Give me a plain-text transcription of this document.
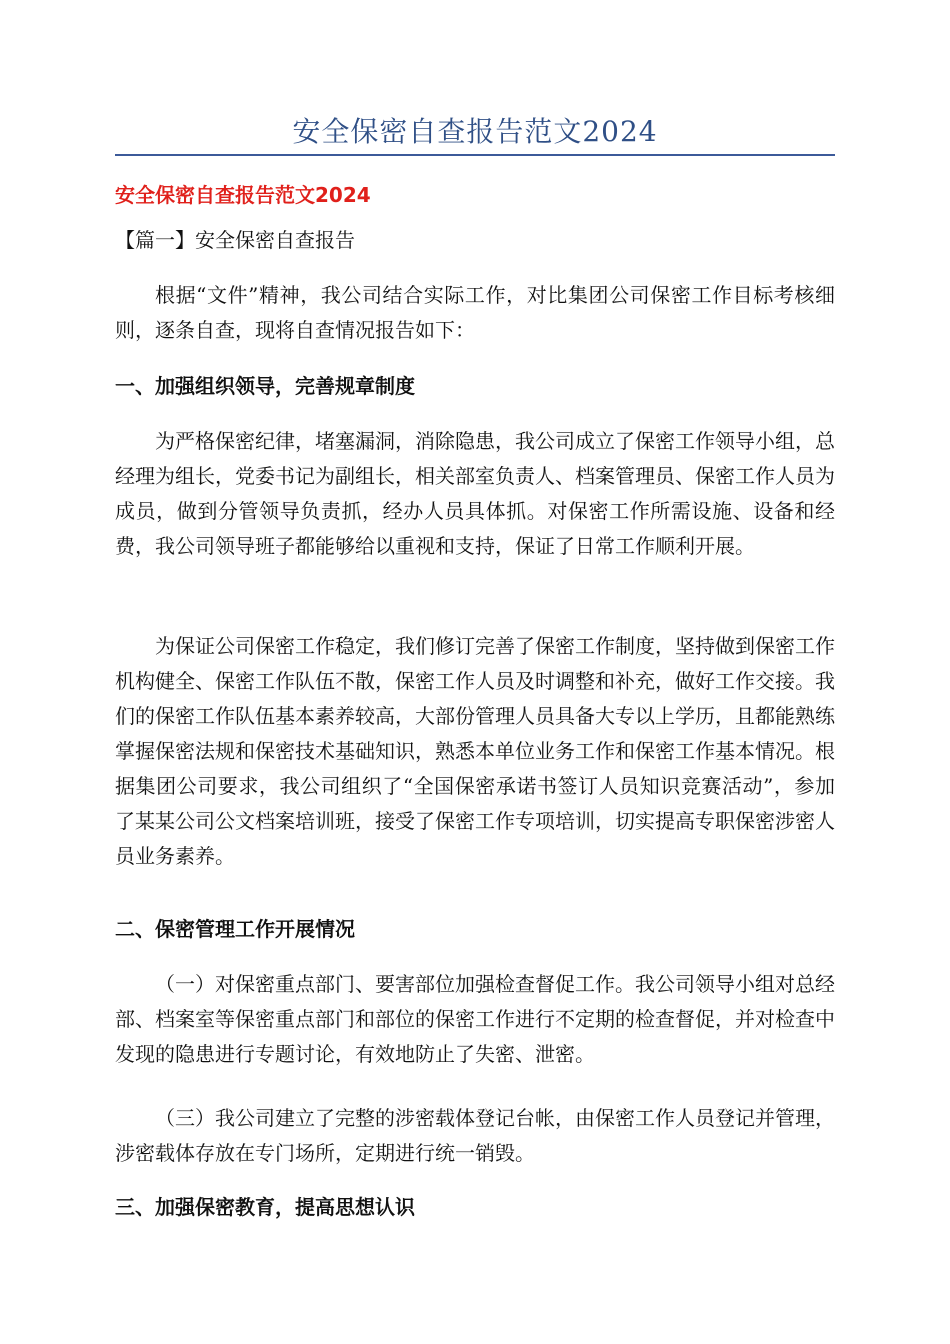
安全保密自查报告范文2024
安全保密自查报告范文2024
【篇一】安全保密自查报告
根据“文件”精神，我公司结合实际工作，对比集团公司保密工作目标考核细则，逐条自查，现将自查情况报告如下：
一、加强组织领导，完善规章制度
为严格保密纪律，堵塞漏洞，消除隐患，我公司成立了保密工作领导小组，总经理为组长，党委书记为副组长，相关部室负责人、档案管理员、保密工作人员为成员，做到分管领导负责抓，经办人员具体抓。对保密工作所需设施、设备和经费，我公司领导班子都能够给以重视和支持，保证了日常工作顺利开展。
为保证公司保密工作稳定，我们修订完善了保密工作制度，坚持做到保密工作机构健全、保密工作队伍不散，保密工作人员及时调整和补充，做好工作交接。我们的保密工作队伍基本素养较高，大部份管理人员具备大专以上学历，且都能熟练掌握保密法规和保密技术基础知识，熟悉本单位业务工作和保密工作基本情况。根据集团公司要求，我公司组织了“全国保密承诺书签订人员知识竞赛活动”，参加了某某公司公文档案培训班，接受了保密工作专项培训，切实提高专职保密涉密人员业务素养。
二、保密管理工作开展情况
（一）对保密重点部门、要害部位加强检查督促工作。我公司领导小组对总经部、档案室等保密重点部门和部位的保密工作进行不定期的检查督促，并对检查中发现的隐患进行专题讨论，有效地防止了失密、泄密。
（三）我公司建立了完整的涉密载体登记台帐，由保密工作人员登记并管理，涉密载体存放在专门场所，定期进行统一销毁。
三、加强保密教育，提高思想认识
